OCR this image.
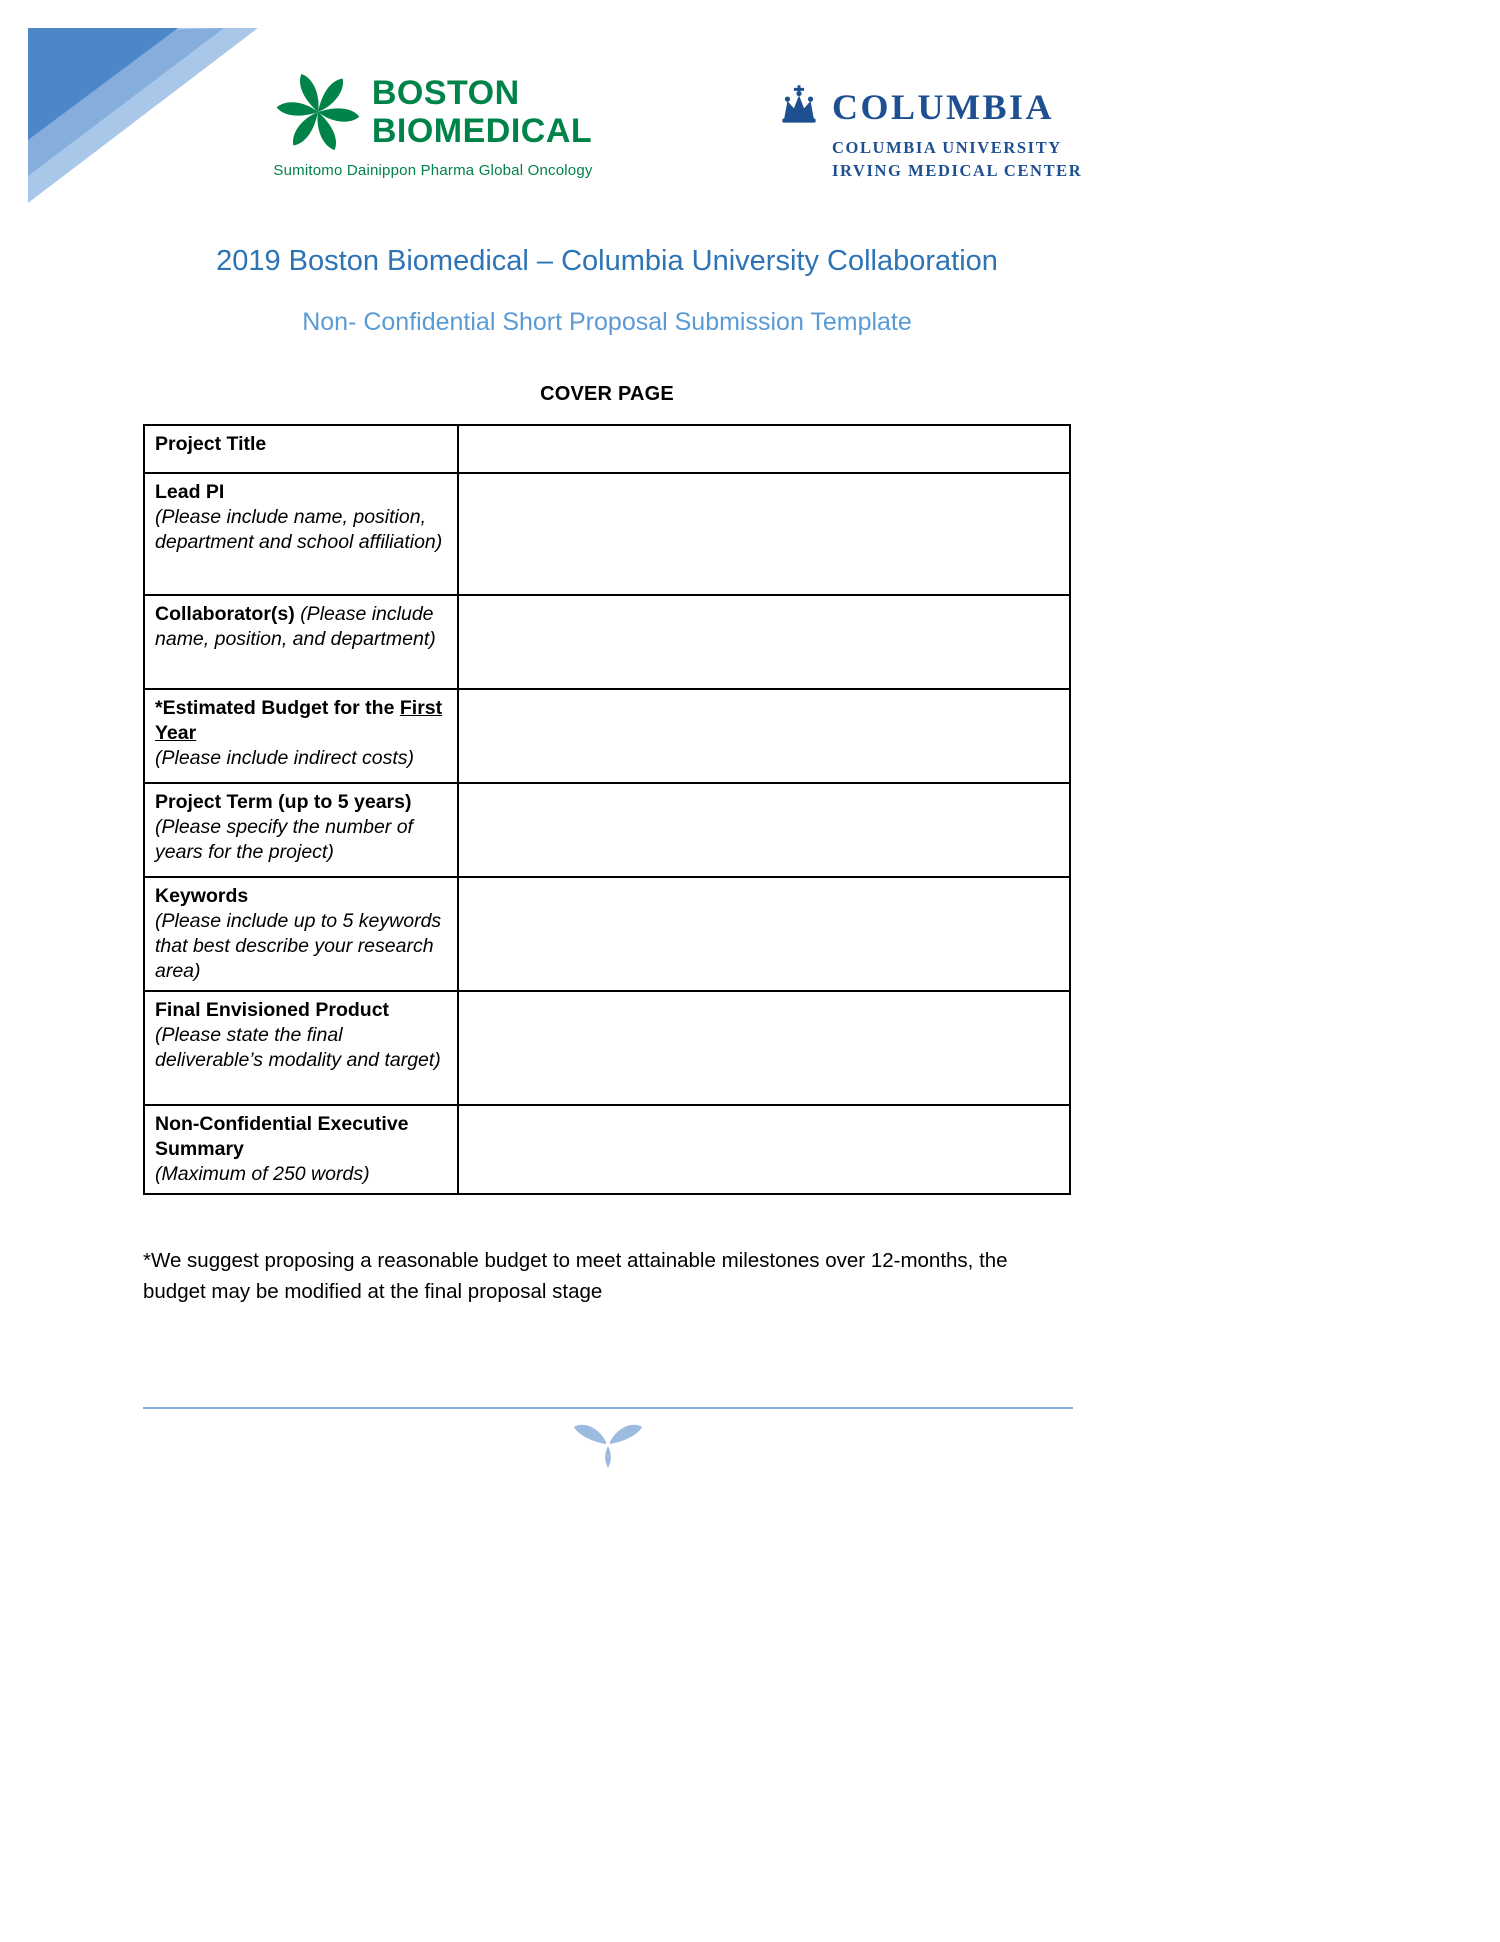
BOSTON
BIOMEDICAL
Sumitomo Dainippon Pharma Global Oncology
COLUMBIA
COLUMBIA UNIVERSITY
IRVING MEDICAL CENTER
2019 Boston Biomedical – Columbia University Collaboration
Non- Confidential Short Proposal Submission Template
COVER PAGE
Project Title	

Lead PI
(Please include name, position, department and school affiliation)	

Collaborator(s) (Please include name, position, and department)	

*Estimated Budget for the First Year
(Please include indirect costs)	

Project Term (up to 5 years)
(Please specify the number of years for the project)	

Keywords
(Please include up to 5 keywords that best describe your research area)	

Final Envisioned Product
(Please state the final deliverable’s modality and target)	

Non-Confidential Executive Summary
(Maximum of 250 words)	

*We suggest proposing a reasonable budget to meet attainable milestones over 12-months, the budget may be modified at the final proposal stage
